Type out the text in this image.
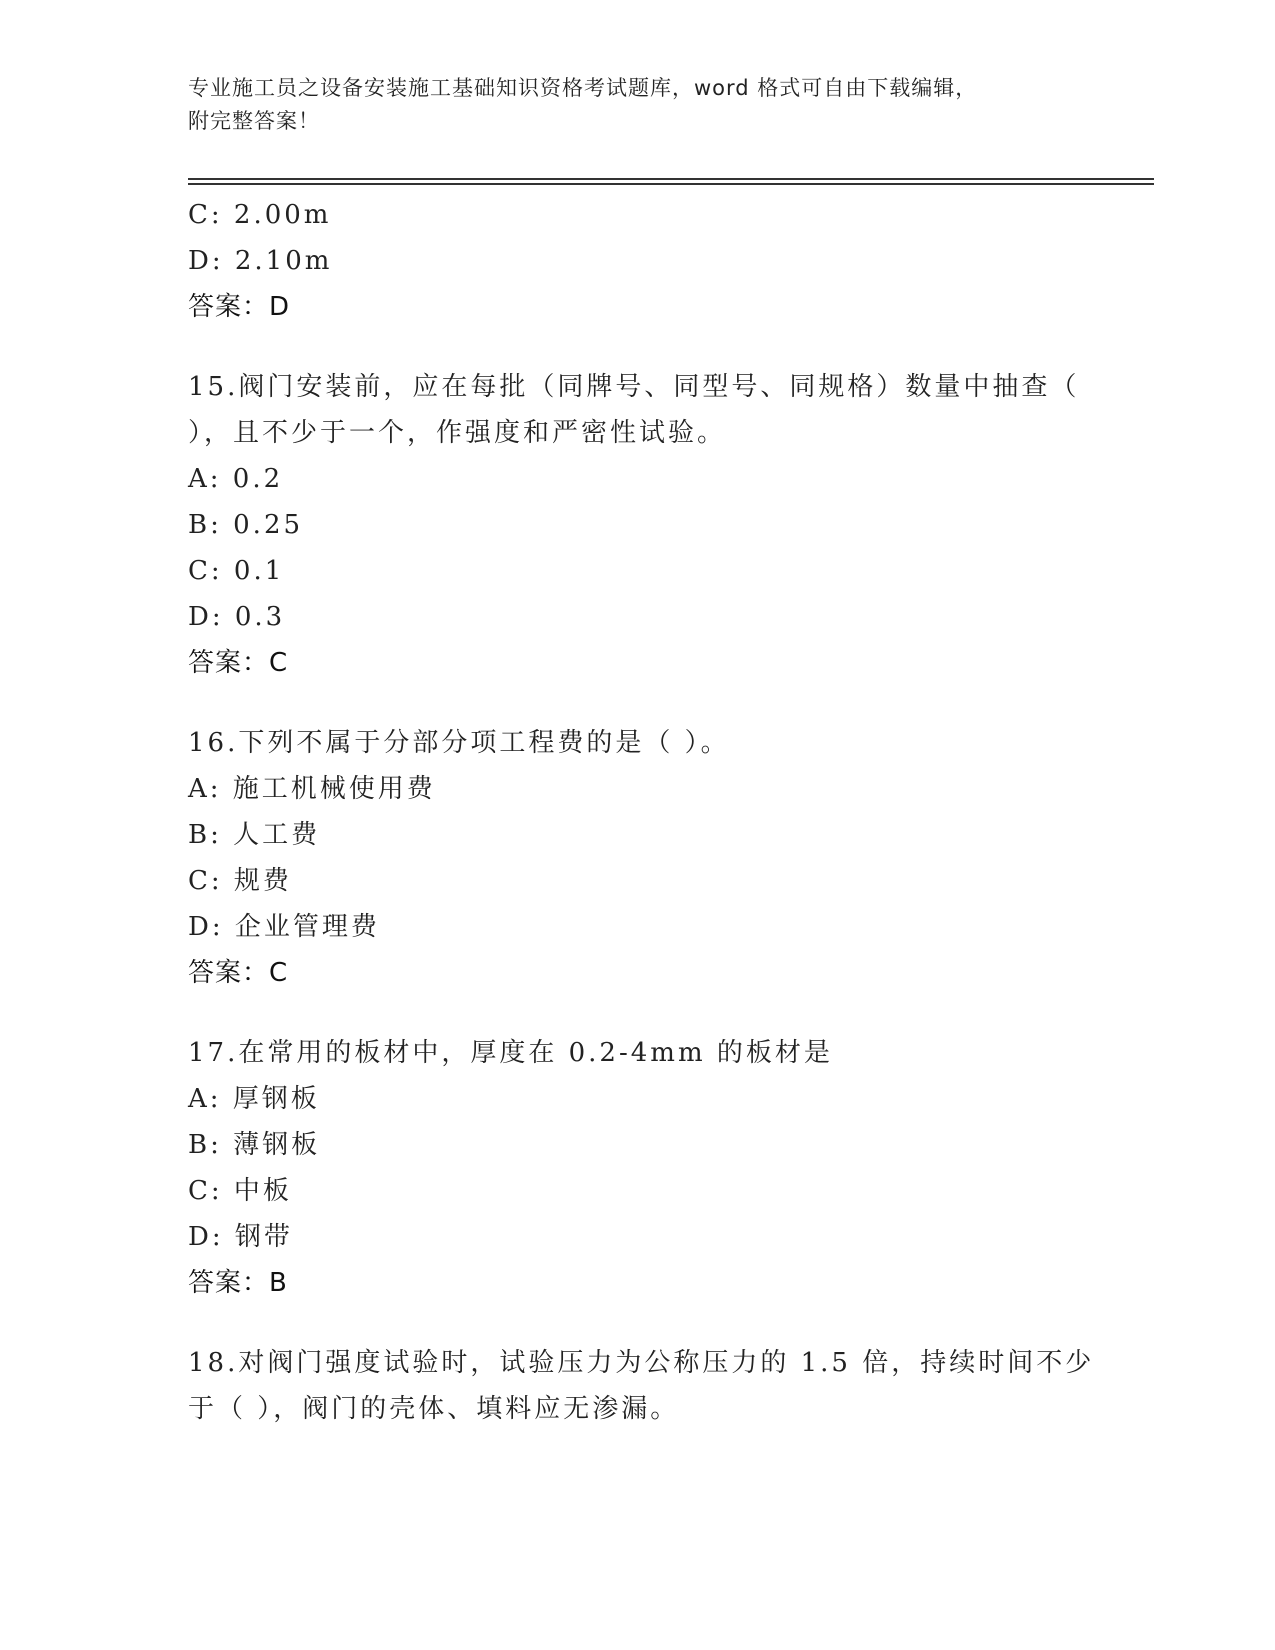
专业施工员之设备安装施工基础知识资格考试题库，word 格式可自由下载编辑，
附完整答案！
C: 2.00m
D: 2.10m
答案：D
15.阀门安装前，应在每批（同牌号、同型号、同规格）数量中抽查（
），且不少于一个，作强度和严密性试验。
A: 0.2
B: 0.25
C: 0.1
D: 0.3
答案：C
16.下列不属于分部分项工程费的是（ ）。
A: 施工机械使用费
B: 人工费
C: 规费
D: 企业管理费
答案：C
17.在常用的板材中，厚度在 0.2-4mm 的板材是
A: 厚钢板
B: 薄钢板
C: 中板
D: 钢带
答案：B
18.对阀门强度试验时，试验压力为公称压力的 1.5 倍，持续时间不少
于（ ），阀门的壳体、填料应无渗漏。
